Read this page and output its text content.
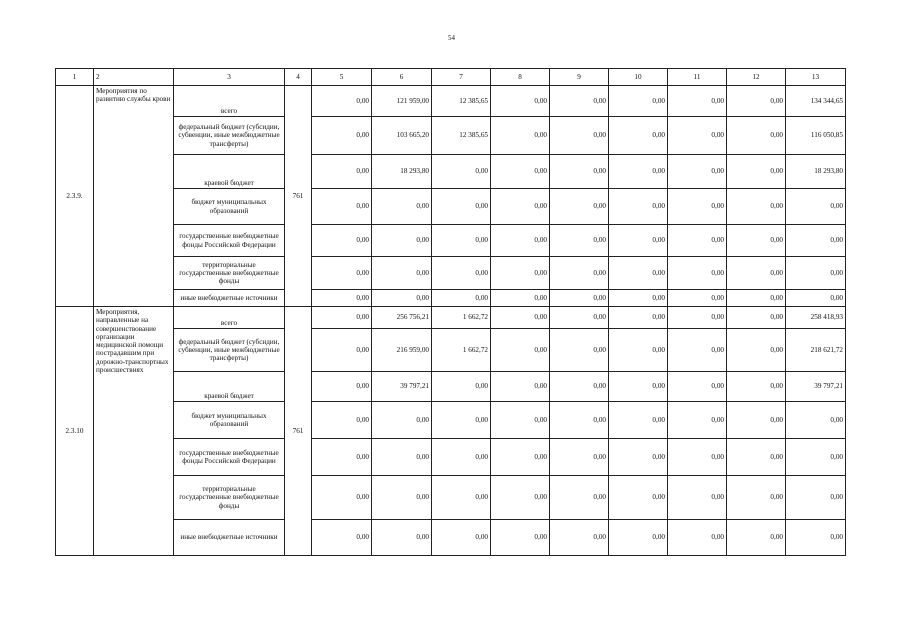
54
1	2	3	4	5	6	7	8	9	10	11	12	13
2.3.9.	Мероприятия по развитию службы крови	всего	761	0,00	121 959,00	12 385,65	0,00	0,00	0,00	0,00	0,00	134 344,65
		федеральный бюджет (субсидии, субвенции, иные межбюджетные трансферты)		0,00	103 665,20	12 385,65	0,00	0,00	0,00	0,00	0,00	116 050,85
		краевой бюджет		0,00	18 293,80	0,00	0,00	0,00	0,00	0,00	0,00	18 293,80
		бюджет муниципальных образований		0,00	0,00	0,00	0,00	0,00	0,00	0,00	0,00	0,00
		государственные внебюджетные фонды Российской Федерации		0,00	0,00	0,00	0,00	0,00	0,00	0,00	0,00	0,00
		территориальные государственные внебюджетные фонды		0,00	0,00	0,00	0,00	0,00	0,00	0,00	0,00	0,00
		иные внебюджетные источники		0,00	0,00	0,00	0,00	0,00	0,00	0,00	0,00	0,00
2.3.10	Мероприятия, направленные на совершенствование организации медицинской помощи пострадавшим при дорожно-транспортных происшествиях	всего	761	0,00	256 756,21	1 662,72	0,00	0,00	0,00	0,00	0,00	258 418,93
		федеральный бюджет (субсидии, субвенции, иные межбюджетные трансферты)		0,00	216 959,00	1 662,72	0,00	0,00	0,00	0,00	0,00	218 621,72
		краевой бюджет		0,00	39 797,21	0,00	0,00	0,00	0,00	0,00	0,00	39 797,21
		бюджет муниципальных образований		0,00	0,00	0,00	0,00	0,00	0,00	0,00	0,00	0,00
		государственные внебюджетные фонды Российской Федерации		0,00	0,00	0,00	0,00	0,00	0,00	0,00	0,00	0,00
		территориальные государственные внебюджетные фонды		0,00	0,00	0,00	0,00	0,00	0,00	0,00	0,00	0,00
		иные внебюджетные источники		0,00	0,00	0,00	0,00	0,00	0,00	0,00	0,00	0,00
